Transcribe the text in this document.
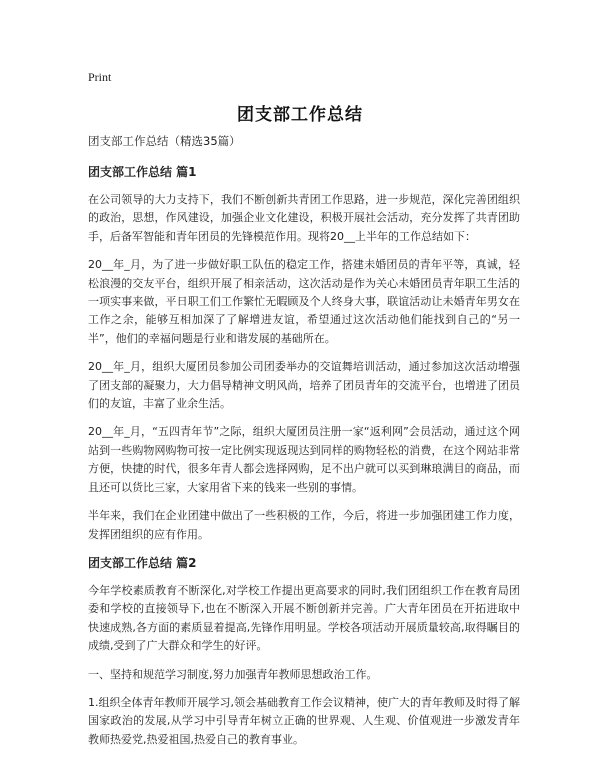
Print
团支部工作总结

团支部工作总结（精选35篇）

团支部工作总结 篇1

在公司领导的大力支持下，我们不断创新共青团工作思路，进一步规范，深化完善团组织的政治，思想，作风建设，加强企业文化建设，积极开展社会活动，充分发挥了共青团助手，后备军智能和青年团员的先锋模范作用。现将20__上半年的工作总结如下：

20__年_月，为了进一步做好职工队伍的稳定工作，搭建未婚团员的青年平等，真诚，轻松浪漫的交友平台，组织开展了相亲活动，这次活动是作为关心未婚团员青年职工生活的一项实事来做，平日职工们工作繁忙无暇顾及个人终身大事，联谊活动让未婚青年男女在工作之余，能够互相加深了了解增进友谊，希望通过这次活动他们能找到自己的“另一半”，他们的幸福问题是行业和谐发展的基础所在。

20__年_月，组织大厦团员参加公司团委举办的交谊舞培训活动，通过参加这次活动增强了团支部的凝聚力，大力倡导精神文明风尚，培养了团员青年的交流平台，也增进了团员们的友谊，丰富了业余生活。

20__年_月，“五四青年节”之际，组织大厦团员注册一家“返利网”会员活动，通过这个网站到一些购物网购物可按一定比例实现返现达到同样的购物轻松的消费，在这个网站非常方便，快捷的时代，很多年青人都会选择网购，足不出户就可以买到琳琅满目的商品，而且还可以货比三家，大家用省下来的钱来一些别的事情。

半年来，我们在企业团建中做出了一些积极的工作，今后，将进一步加强团建工作力度，发挥团组织的应有作用。

团支部工作总结 篇2

今年学校素质教育不断深化,对学校工作提出更高要求的同时,我们团组织工作在教育局团委和学校的直接领导下,也在不断深入开展不断创新并完善。广大青年团员在开拓进取中快速成熟,各方面的素质显着提高,先锋作用明显。学校各项活动开展质量较高,取得瞩目的成绩,受到了广大群众和学生的好评。

一、坚持和规范学习制度,努力加强青年教师思想政治工作。

1.组织全体青年教师开展学习,领会基础教育工作会议精神，使广大的青年教师及时得了解国家政治的发展,从学习中引导青年树立正确的世界观、人生观、价值观进一步激发青年教师热爱党,热爱祖国,热爱自己的教育事业。
